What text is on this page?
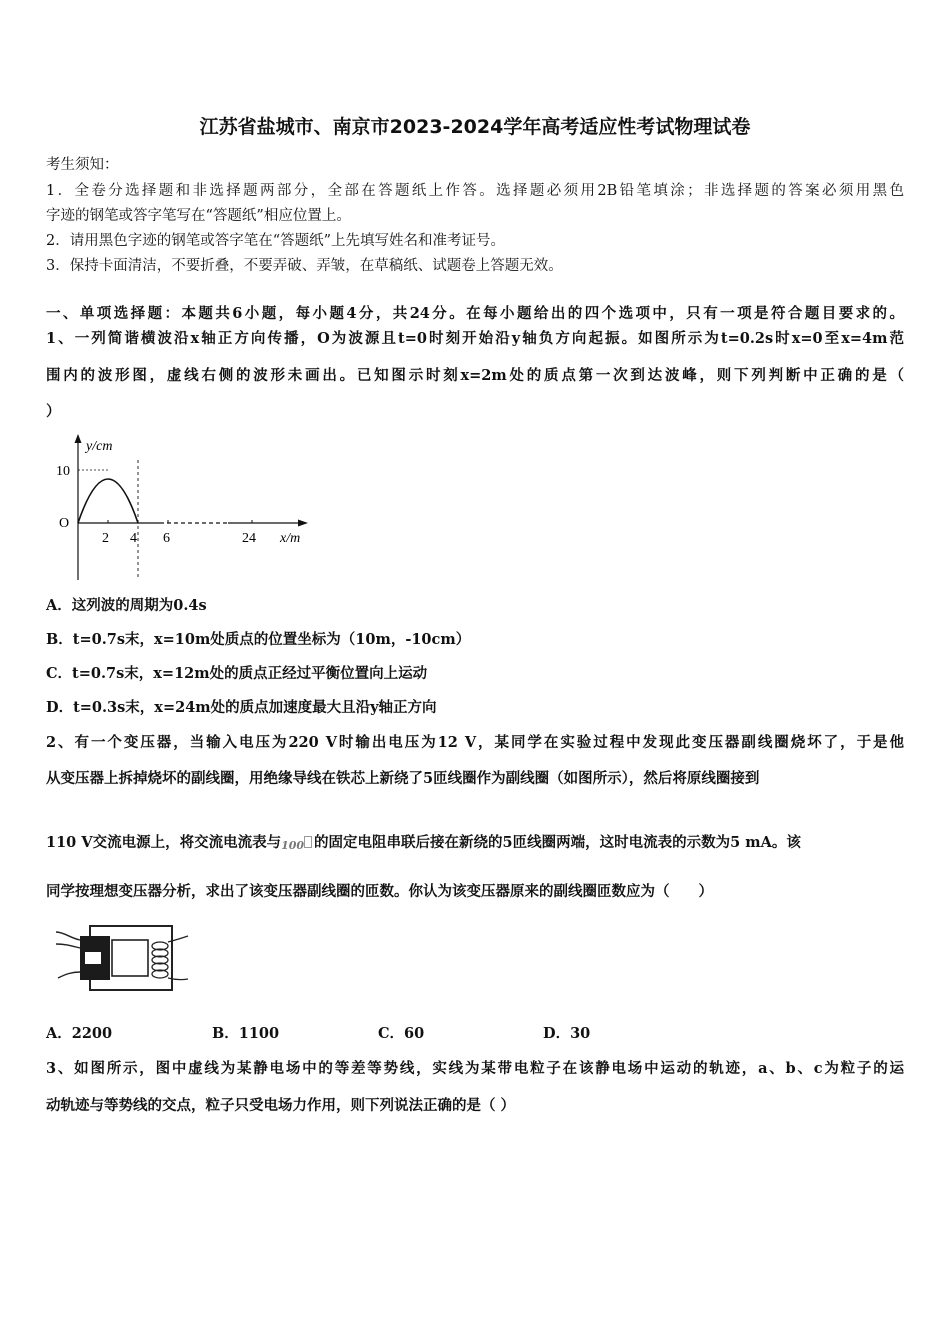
江苏省盐城市、南京市2023-2024学年高考适应性考试物理试卷
考生须知：
1．全卷分选择题和非选择题两部分，全部在答题纸上作答。选择题必须用2B铅笔填涂；非选择题的答案必须用黑色
字迹的钢笔或答字笔写在“答题纸”相应位置上。
2．请用黑色字迹的钢笔或答字笔在“答题纸”上先填写姓名和准考证号。
3．保持卡面清洁，不要折叠，不要弄破、弄皱，在草稿纸、试题卷上答题无效。
一、单项选择题：本题共6小题，每小题4分，共24分。在每小题给出的四个选项中，只有一项是符合题目要求的。
1、一列简谐横波沿x轴正方向传播，O为波源且t=0时刻开始沿y轴负方向起振。如图所示为t=0.2s时x=0至x=4m范
围内的波形图，虚线右侧的波形未画出。已知图示时刻x=2m处的质点第一次到达波峰，则下列判断中正确的是（
）
y/cm
x/m
O
10
2 4 6	24
A．这列波的周期为0.4s
B．t=0.7s末，x=10m处质点的位置坐标为（10m，-10cm）
C．t=0.7s末，x=12m处的质点正经过平衡位置向上运动
D．t=0.3s末，x=24m处的质点加速度最大且沿y轴正方向
2、有一个变压器，当输入电压为220 V时输出电压为12 V，某同学在实验过程中发现此变压器副线圈烧坏了，于是他
从变压器上拆掉烧坏的副线圈，用绝缘导线在铁芯上新绕了5匝线圈作为副线圈（如图所示），然后将原线圈接到
110 V交流电源上，将交流电流表与100 的固定电阻串联后接在新绕的5匝线圈两端，这时电流表的示数为5 mA。该
同学按理想变压器分析，求出了该变压器副线圈的匝数。你认为该变压器原来的副线圈匝数应为（　　）
A．2200	B．1100	C．60	D．30
3、如图所示，图中虚线为某静电场中的等差等势线，实线为某带电粒子在该静电场中运动的轨迹，a、b、c为粒子的运
动轨迹与等势线的交点，粒子只受电场力作用，则下列说法正确的是（ ）
